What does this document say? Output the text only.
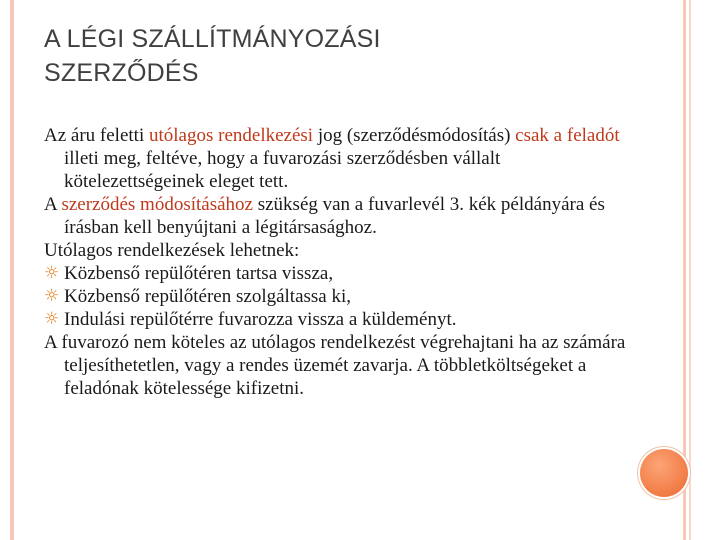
A LÉGI SZÁLLÍTMÁNYOZÁSI
SZERZŐDÉS

Az áru feletti utólagos rendelkezési jog (szerződésmódosítás) csak a feladót illeti meg, feltéve, hogy a fuvarozási szerződésben vállalt kötelezettségeinek eleget tett.

A szerződés módosításához szükség van a fuvarlevél 3. kék példányára és írásban kell benyújtani a légitársasághoz.

Utólagos rendelkezések lehetnek:

☼ Közbenső repülőtéren tartsa vissza,

☼ Közbenső repülőtéren szolgáltassa ki,

☼ Indulási repülőtérre fuvarozza vissza a küldeményt.

A fuvarozó nem köteles az utólagos rendelkezést végrehajtani ha az számára teljesíthetetlen, vagy a rendes üzemét zavarja. A többletköltségeket a feladónak kötelessége kifizetni.
